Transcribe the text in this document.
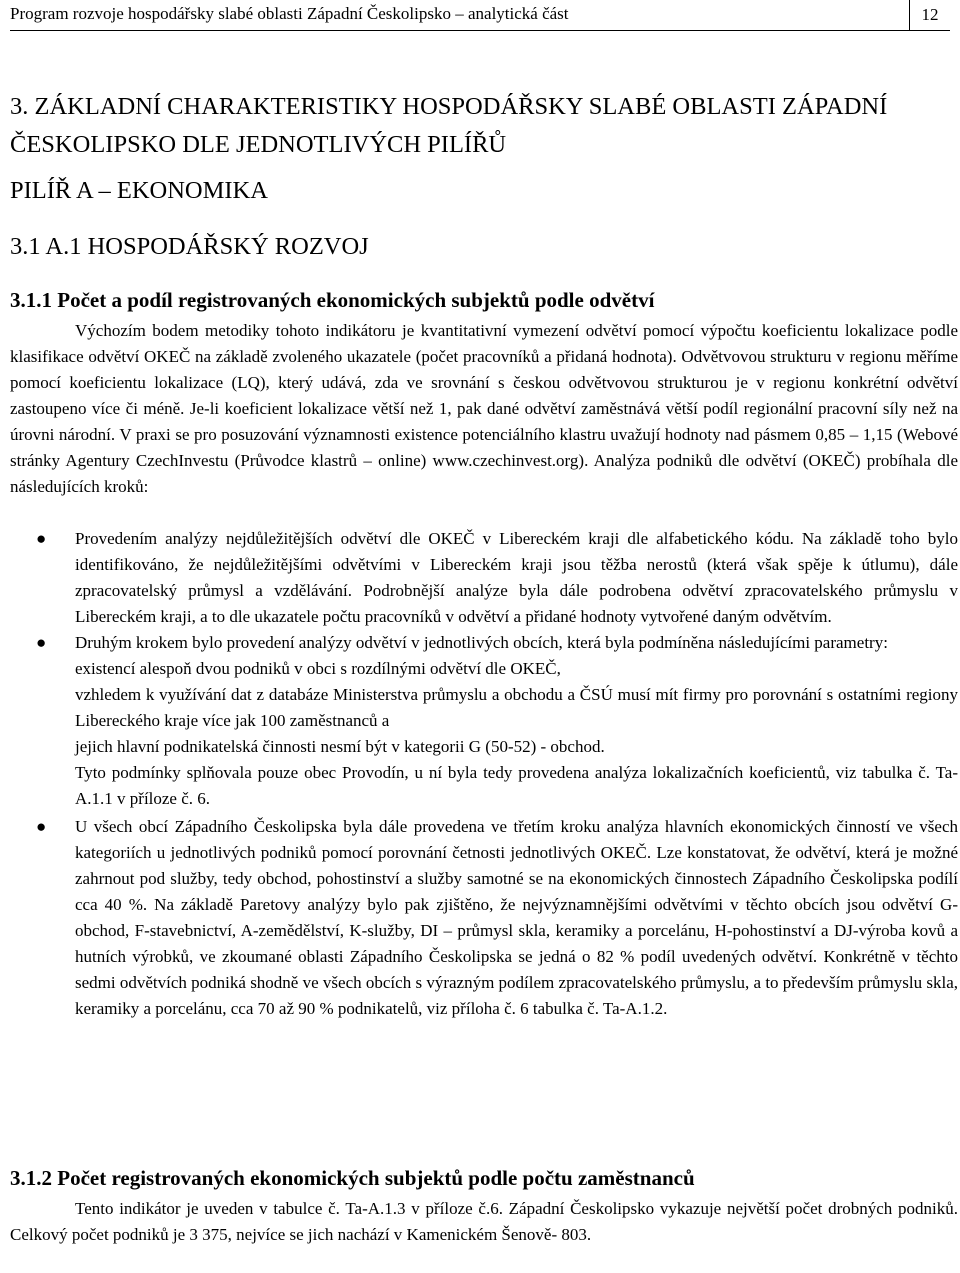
Program rozvoje hospodářsky slabé oblasti Západní Českolipsko – analytická část	12
3. ZÁKLADNÍ CHARAKTERISTIKY HOSPODÁŘSKY SLABÉ OBLASTI ZÁPADNÍ ČESKOLIPSKO DLE JEDNOTLIVÝCH PILÍŘŮ
PILÍŘ A – EKONOMIKA
3.1 A.1 HOSPODÁŘSKÝ ROZVOJ
3.1.1 Počet a podíl registrovaných ekonomických subjektů podle odvětví
Výchozím bodem metodiky tohoto indikátoru je kvantitativní vymezení odvětví pomocí výpočtu koeficientu lokalizace podle klasifikace odvětví OKEČ na základě zvoleného ukazatele (počet pracovníků a přidaná hodnota). Odvětvovou strukturu v regionu měříme pomocí koeficientu lokalizace (LQ), který udává, zda ve srovnání s českou odvětvovou strukturou je v regionu konkrétní odvětví zastoupeno více či méně. Je-li koeficient lokalizace větší než 1, pak dané odvětví zaměstnává větší podíl regionální pracovní síly než na úrovni národní. V praxi se pro posuzování významnosti existence potenciálního klastru uvažují hodnoty nad pásmem 0,85 – 1,15 (Webové stránky Agentury CzechInvestu (Průvodce klastrů – online) www.czechinvest.org). Analýza podniků dle odvětví (OKEČ) probíhala dle následujících kroků:
● Provedením analýzy nejdůležitějších odvětví dle OKEČ v Libereckém kraji dle alfabetického kódu. Na základě toho bylo identifikováno, že nejdůležitějšími odvětvími v Libereckém kraji jsou těžba nerostů (která však spěje k útlumu), dále zpracovatelský průmysl a vzdělávání. Podrobnější analýze byla dále podrobena odvětví zpracovatelského průmyslu v Libereckém kraji, a to dle ukazatele počtu pracovníků v odvětví a přidané hodnoty vytvořené daným odvětvím.
● Druhým krokem bylo provedení analýzy odvětví v jednotlivých obcích, která byla podmíněna následujícími parametry:
existencí alespoň dvou podniků v obci s rozdílnými odvětví dle OKEČ,
vzhledem k využívání dat z databáze Ministerstva průmyslu a obchodu a ČSÚ musí mít firmy pro porovnání s ostatními regiony Libereckého kraje více jak 100 zaměstnanců a
jejich hlavní podnikatelská činnosti nesmí být v kategorii G (50-52) - obchod.
Tyto podmínky splňovala pouze obec Provodín, u ní byla tedy provedena analýza lokalizačních koeficientů, viz tabulka č. Ta-A.1.1 v příloze č. 6.
● U všech obcí Západního Českolipska byla dále provedena ve třetím kroku analýza hlavních ekonomických činností ve všech kategoriích u jednotlivých podniků pomocí porovnání četnosti jednotlivých OKEČ. Lze konstatovat, že odvětví, která je možné zahrnout pod služby, tedy obchod, pohostinství a služby samotné se na ekonomických činnostech Západního Českolipska podílí cca 40 %. Na základě Paretovy analýzy bylo pak zjištěno, že nejvýznamnějšími odvětvími v těchto obcích jsou odvětví G-obchod, F-stavebnictví, A-zemědělství, K-služby, DI – průmysl skla, keramiky a porcelánu, H-pohostinství a DJ-výroba kovů a hutních výrobků, ve zkoumané oblasti Západního Českolipska se jedná o 82 % podíl uvedených odvětví. Konkrétně v těchto sedmi odvětvích podniká shodně ve všech obcích s výrazným podílem zpracovatelského průmyslu, a to především průmyslu skla, keramiky a porcelánu, cca 70 až 90 % podnikatelů, viz příloha č. 6 tabulka č. Ta-A.1.2.
3.1.2 Počet registrovaných ekonomických subjektů podle počtu zaměstnanců
Tento indikátor je uveden v tabulce č. Ta-A.1.3 v příloze č.6. Západní Českolipsko vykazuje největší počet drobných podniků. Celkový počet podniků je 3 375, nejvíce se jich nachází v Kamenickém Šenově- 803.
